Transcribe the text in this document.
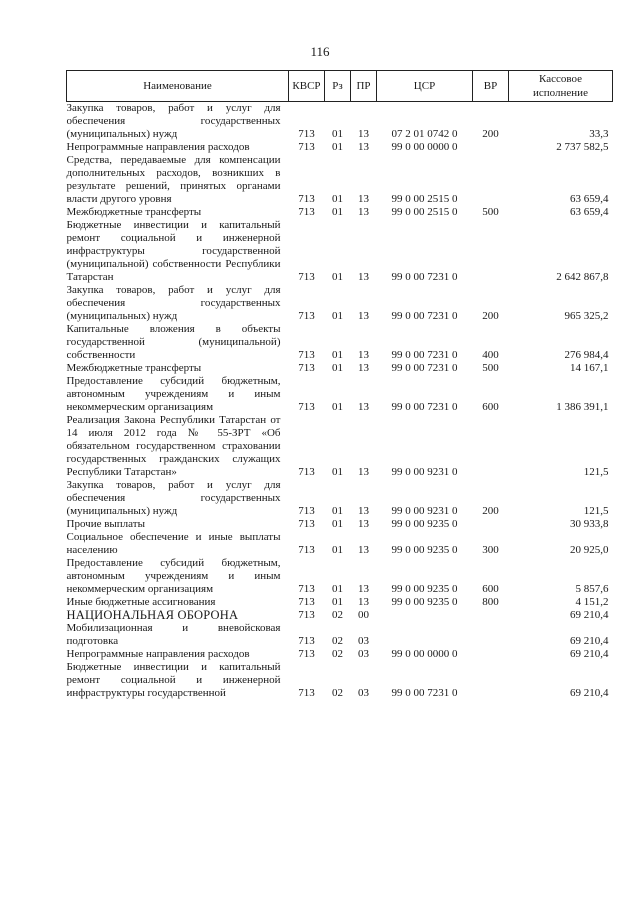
116
Наименование	КВСР	Рз	ПР	ЦСР	ВР	Кассовое исполнение
Закупка товаров, работ и услуг для обеспечения государственных (муниципальных) нужд	713	01	13	07 2 01 0742 0	200	33,3
Непрограммные направления расходов	713	01	13	99 0 00 0000 0		2 737 582,5
Средства, передаваемые для компенсации дополнительных расходов, возникших в результате решений, принятых органами власти другого уровня	713	01	13	99 0 00 2515 0		63 659,4
Межбюджетные трансферты	713	01	13	99 0 00 2515 0	500	63 659,4
Бюджетные инвестиции и капитальный ремонт социальной и инженерной инфраструктуры государственной (муниципальной) собственности Республики Татарстан	713	01	13	99 0 00 7231 0		2 642 867,8
Закупка товаров, работ и услуг для обеспечения государственных (муниципальных) нужд	713	01	13	99 0 00 7231 0	200	965 325,2
Капитальные вложения в объекты государственной (муниципальной) собственности	713	01	13	99 0 00 7231 0	400	276 984,4
Межбюджетные трансферты	713	01	13	99 0 00 7231 0	500	14 167,1
Предоставление субсидий бюджетным, автономным учреждениям и иным некоммерческим организациям	713	01	13	99 0 00 7231 0	600	1 386 391,1
Реализация Закона Республики Татарстан от 14 июля 2012 года № 55-ЗРТ «Об обязательном государственном страховании государственных гражданских служащих Республики Татарстан»	713	01	13	99 0 00 9231 0		121,5
Закупка товаров, работ и услуг для обеспечения государственных (муниципальных) нужд	713	01	13	99 0 00 9231 0	200	121,5
Прочие выплаты	713	01	13	99 0 00 9235 0		30 933,8
Социальное обеспечение и иные выплаты населению	713	01	13	99 0 00 9235 0	300	20 925,0
Предоставление субсидий бюджетным, автономным учреждениям и иным некоммерческим организациям	713	01	13	99 0 00 9235 0	600	5 857,6
Иные бюджетные ассигнования	713	01	13	99 0 00 9235 0	800	4 151,2
НАЦИОНАЛЬНАЯ ОБОРОНА	713	02	00			69 210,4
Мобилизационная и вневойсковая подготовка	713	02	03			69 210,4
Непрограммные направления расходов	713	02	03	99 0 00 0000 0		69 210,4
Бюджетные инвестиции и капитальный ремонт социальной и инженерной инфраструктуры государственной	713	02	03	99 0 00 7231 0		69 210,4
